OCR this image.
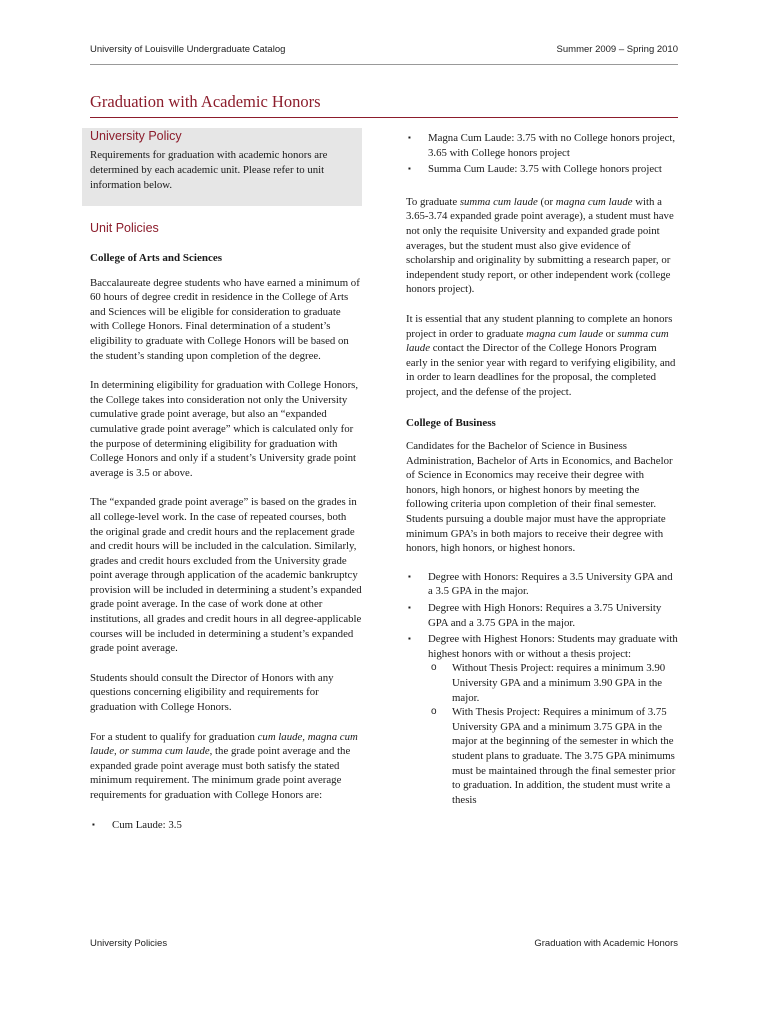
University of Louisville Undergraduate Catalog	Summer 2009 – Spring 2010
Graduation with Academic Honors
University Policy

Requirements for graduation with academic honors are determined by each academic unit. Please refer to unit information below.

Unit Policies
College of Arts and Sciences

Baccalaureate degree students who have earned a minimum of 60 hours of degree credit in residence in the College of Arts and Sciences will be eligible for consideration to graduate with College Honors. Final determination of a student’s eligibility to graduate with College Honors will be based on the student’s standing upon completion of the degree.

In determining eligibility for graduation with College Honors, the College takes into consideration not only the University cumulative grade point average, but also an “expanded cumulative grade point average” which is calculated only for the purpose of determining eligibility for graduation with College Honors and only if a student’s University grade point average is 3.5 or above.

The “expanded grade point average” is based on the grades in all college-level work. In the case of repeated courses, both the original grade and credit hours and the replacement grade and credit hours will be included in the calculation. Similarly, grades and credit hours excluded from the University grade point average through application of the academic bankruptcy provision will be included in determining a student’s expanded grade point average. In the case of work done at other institutions, all grades and credit hours in all degree-applicable courses will be included in determining a student’s expanded grade point average.

Students should consult the Director of Honors with any questions concerning eligibility and requirements for graduation with College Honors.

For a student to qualify for graduation cum laude, magna cum laude, or summa cum laude, the grade point average and the expanded grade point average must both satisfy the stated minimum requirement. The minimum grade point average requirements for graduation with College Honors are:

▪ Cum Laude: 3.5
▪ Magna Cum Laude: 3.75 with no College honors project, 3.65 with College honors project
▪ Summa Cum Laude: 3.75 with College honors project

To graduate summa cum laude (or magna cum laude with a 3.65-3.74 expanded grade point average), a student must have not only the requisite University and expanded grade point averages, but the student must also give evidence of scholarship and originality by submitting a research paper, or independent study report, or other independent work (college honors project).

It is essential that any student planning to complete an honors project in order to graduate magna cum laude or summa cum laude contact the Director of the College Honors Program early in the senior year with regard to verifying eligibility, and in order to learn deadlines for the proposal, the completed project, and the defense of the project.

College of Business

Candidates for the Bachelor of Science in Business Administration, Bachelor of Arts in Economics, and Bachelor of Science in Economics may receive their degree with honors, high honors, or highest honors by meeting the following criteria upon completion of their final semester. Students pursuing a double major must have the appropriate minimum GPA’s in both majors to receive their degree with honors, high honors, or highest honors.

▪ Degree with Honors: Requires a 3.5 University GPA and a 3.5 GPA in the major.
▪ Degree with High Honors: Requires a 3.75 University GPA and a 3.75 GPA in the major.
▪ Degree with Highest Honors: Students may graduate with highest honors with or without a thesis project:
o Without Thesis Project: requires a minimum 3.90 University GPA and a minimum 3.90 GPA in the major.
o With Thesis Project: Requires a minimum of 3.75 University GPA and a minimum 3.75 GPA in the major at the beginning of the semester in which the student plans to graduate. The 3.75 GPA minimums must be maintained through the final semester prior to graduation. In addition, the student must write a thesis
University Policies	Graduation with Academic Honors
